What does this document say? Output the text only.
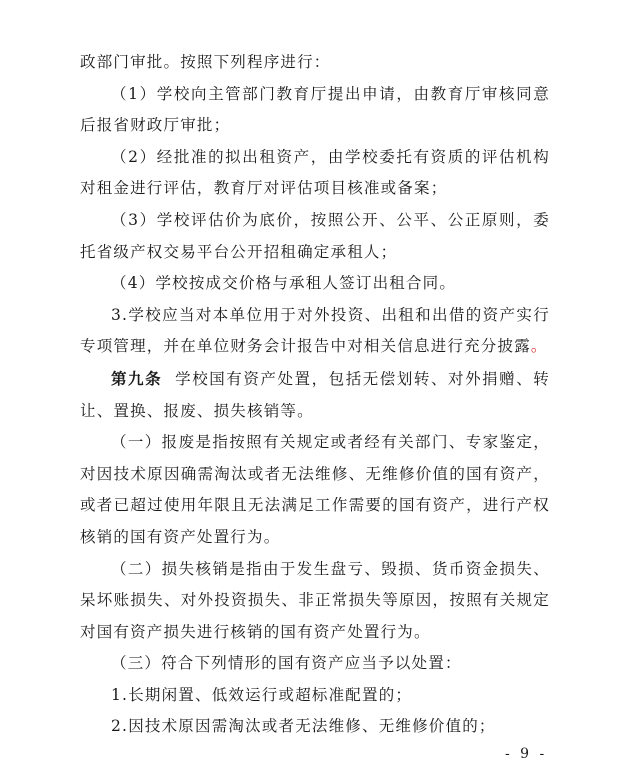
政部门审批。按照下列程序进行：

（1）学校向主管部门教育厅提出申请，由教育厅审核同意后报省财政厅审批；

（2）经批准的拟出租资产，由学校委托有资质的评估机构对租金进行评估，教育厅对评估项目核准或备案；

（3）学校评估价为底价，按照公开、公平、公正原则，委托省级产权交易平台公开招租确定承租人；

（4）学校按成交价格与承租人签订出租合同。

3.学校应当对本单位用于对外投资、出租和出借的资产实行专项管理，并在单位财务会计报告中对相关信息进行充分披露。

第九条  学校国有资产处置，包括无偿划转、对外捐赠、转让、置换、报废、损失核销等。

（一）报废是指按照有关规定或者经有关部门、专家鉴定，对因技术原因确需淘汰或者无法维修、无维修价值的国有资产，或者已超过使用年限且无法满足工作需要的国有资产，进行产权核销的国有资产处置行为。

（二）损失核销是指由于发生盘亏、毁损、货币资金损失、呆坏账损失、对外投资损失、非正常损失等原因，按照有关规定对国有资产损失进行核销的国有资产处置行为。

（三）符合下列情形的国有资产应当予以处置：

1.长期闲置、低效运行或超标准配置的；

2.因技术原因需淘汰或者无法维修、无维修价值的；

- 9 -
